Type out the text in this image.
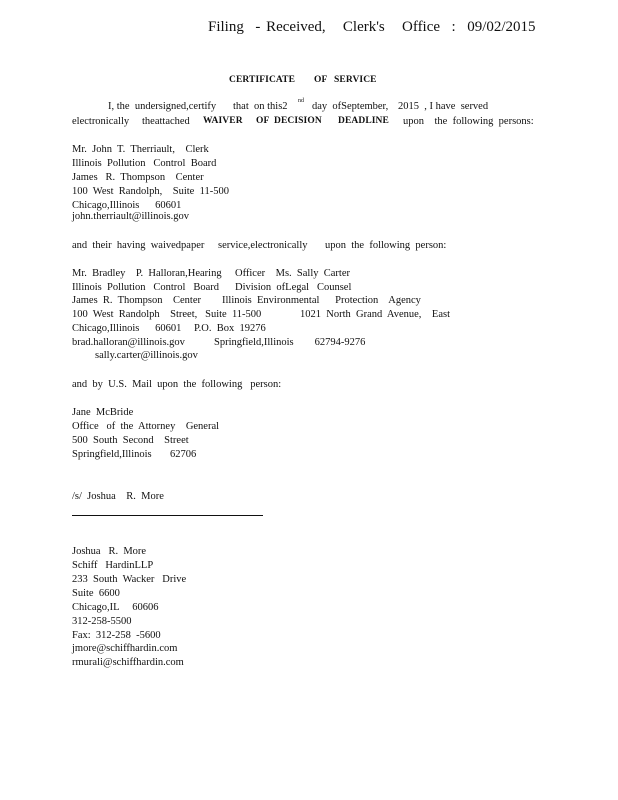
Filing  - Received,   Clerk's   Office  :  09/02/2015
CERTIFICATE OF SERVICE
I, the  undersigned,certify that  on this2 nd day  ofSeptember, 2015  , I have  served
electronically theattached WAIVER OF  DECISION DEADLINE upon    the  following  persons:
Mr.  John  T.  Therriault,    Clerk
Illinois  Pollution   Control  Board
James   R.  Thompson    Center
100  West  Randolph,    Suite  11-500
Chicago,Illinois      60601
john.therriault@illinois.gov
and  their  having  waivedpaper service,electronically upon  the  following  person:
Mr.  Bradley    P.  Halloran,Hearing Officer    Ms.  Sally  Carter
Illinois  Pollution   Control   Board Division  ofLegal   Counsel
James  R.  Thompson    Center Illinois  Environmental      Protection    Agency
100  West  Randolph    Street,   Suite  11-500	1021  North  Grand  Avenue,    East
Chicago,Illinois      60601 P.O.  Box  19276
brad.halloran@illinois.gov	Springfield,Illinois        62794-9276
sally.carter@illinois.gov
and  by  U.S.  Mail  upon  the  following   person:
Jane  McBride
Office   of  the  Attorney    General
500  South  Second    Street
Springfield,Illinois       62706
/s/  Joshua    R.  More
Joshua   R.  More
Schiff   HardinLLP
233  South  Wacker   Drive
Suite  6600
Chicago,IL     60606
312-258-5500
Fax:  312-258  -5600
jmore@schiffhardin.com
rmurali@schiffhardin.com
